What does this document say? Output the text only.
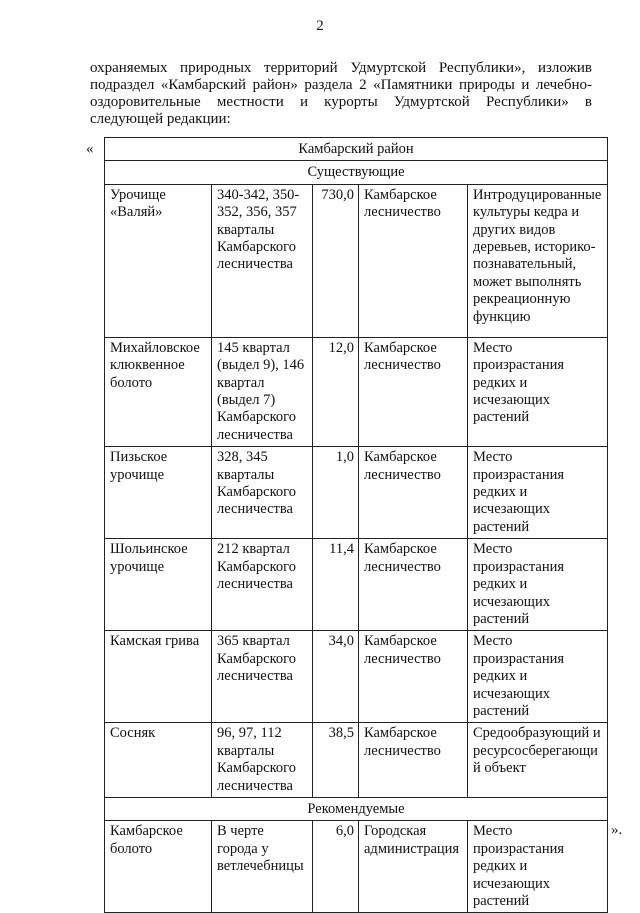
2
охраняемых природных территорий Удмуртской Республики», изложив подраздел «Камбарский район» раздела 2 «Памятники природы и лечебно-оздоровительные местности и курорты Удмуртской Республики» в следующей редакции:
«	Камбарский район				
Существующие				
Урочище «Валяй»	340-342, 350-352, 356, 357 кварталы Камбарского лесничества	730,0	Камбарское лесничество	Интродуцированные культуры кедра и других видов деревьев, историко-познавательный, может выполнять рекреационную функцию
Михайловское клюквенное болото	145 квартал (выдел 9), 146 квартал (выдел 7) Камбарского лесничества	12,0	Камбарское лесничество	Место произрастания редких и исчезающих растений
Пизьское урочище	328, 345 кварталы Камбарского лесничества	1,0	Камбарское лесничество	Место произрастания редких и исчезающих растений
Шольинское урочище	212 квартал Камбарского лесничества	11,4	Камбарское лесничество	Место произрастания редких и исчезающих растений
Камская грива	365 квартал Камбарского лесничества	34,0	Камбарское лесничество	Место произрастания редких и исчезающих растений
Сосняк	96, 97, 112 кварталы Камбарского лесничества	38,5	Камбарское лесничество	Средообразующий и ресурсосберегающий объект
Рекомендуемые				
Камбарское болото	В черте города у ветлечебницы	6,0	Городская администрация	Место произрастания редких и исчезающих растений
».
